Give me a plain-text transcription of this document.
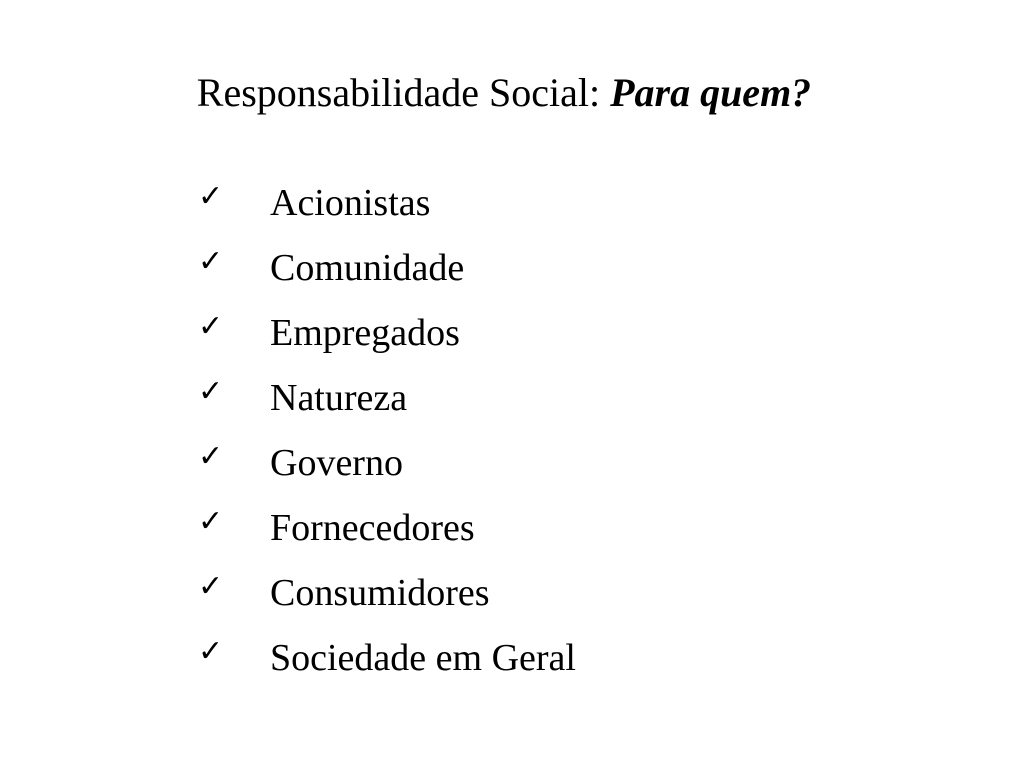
Responsabilidade Social: Para quem?
✓	Acionistas
✓	Comunidade
✓	Empregados
✓	Natureza
✓	Governo
✓	Fornecedores
✓	Consumidores
✓	Sociedade em Geral
